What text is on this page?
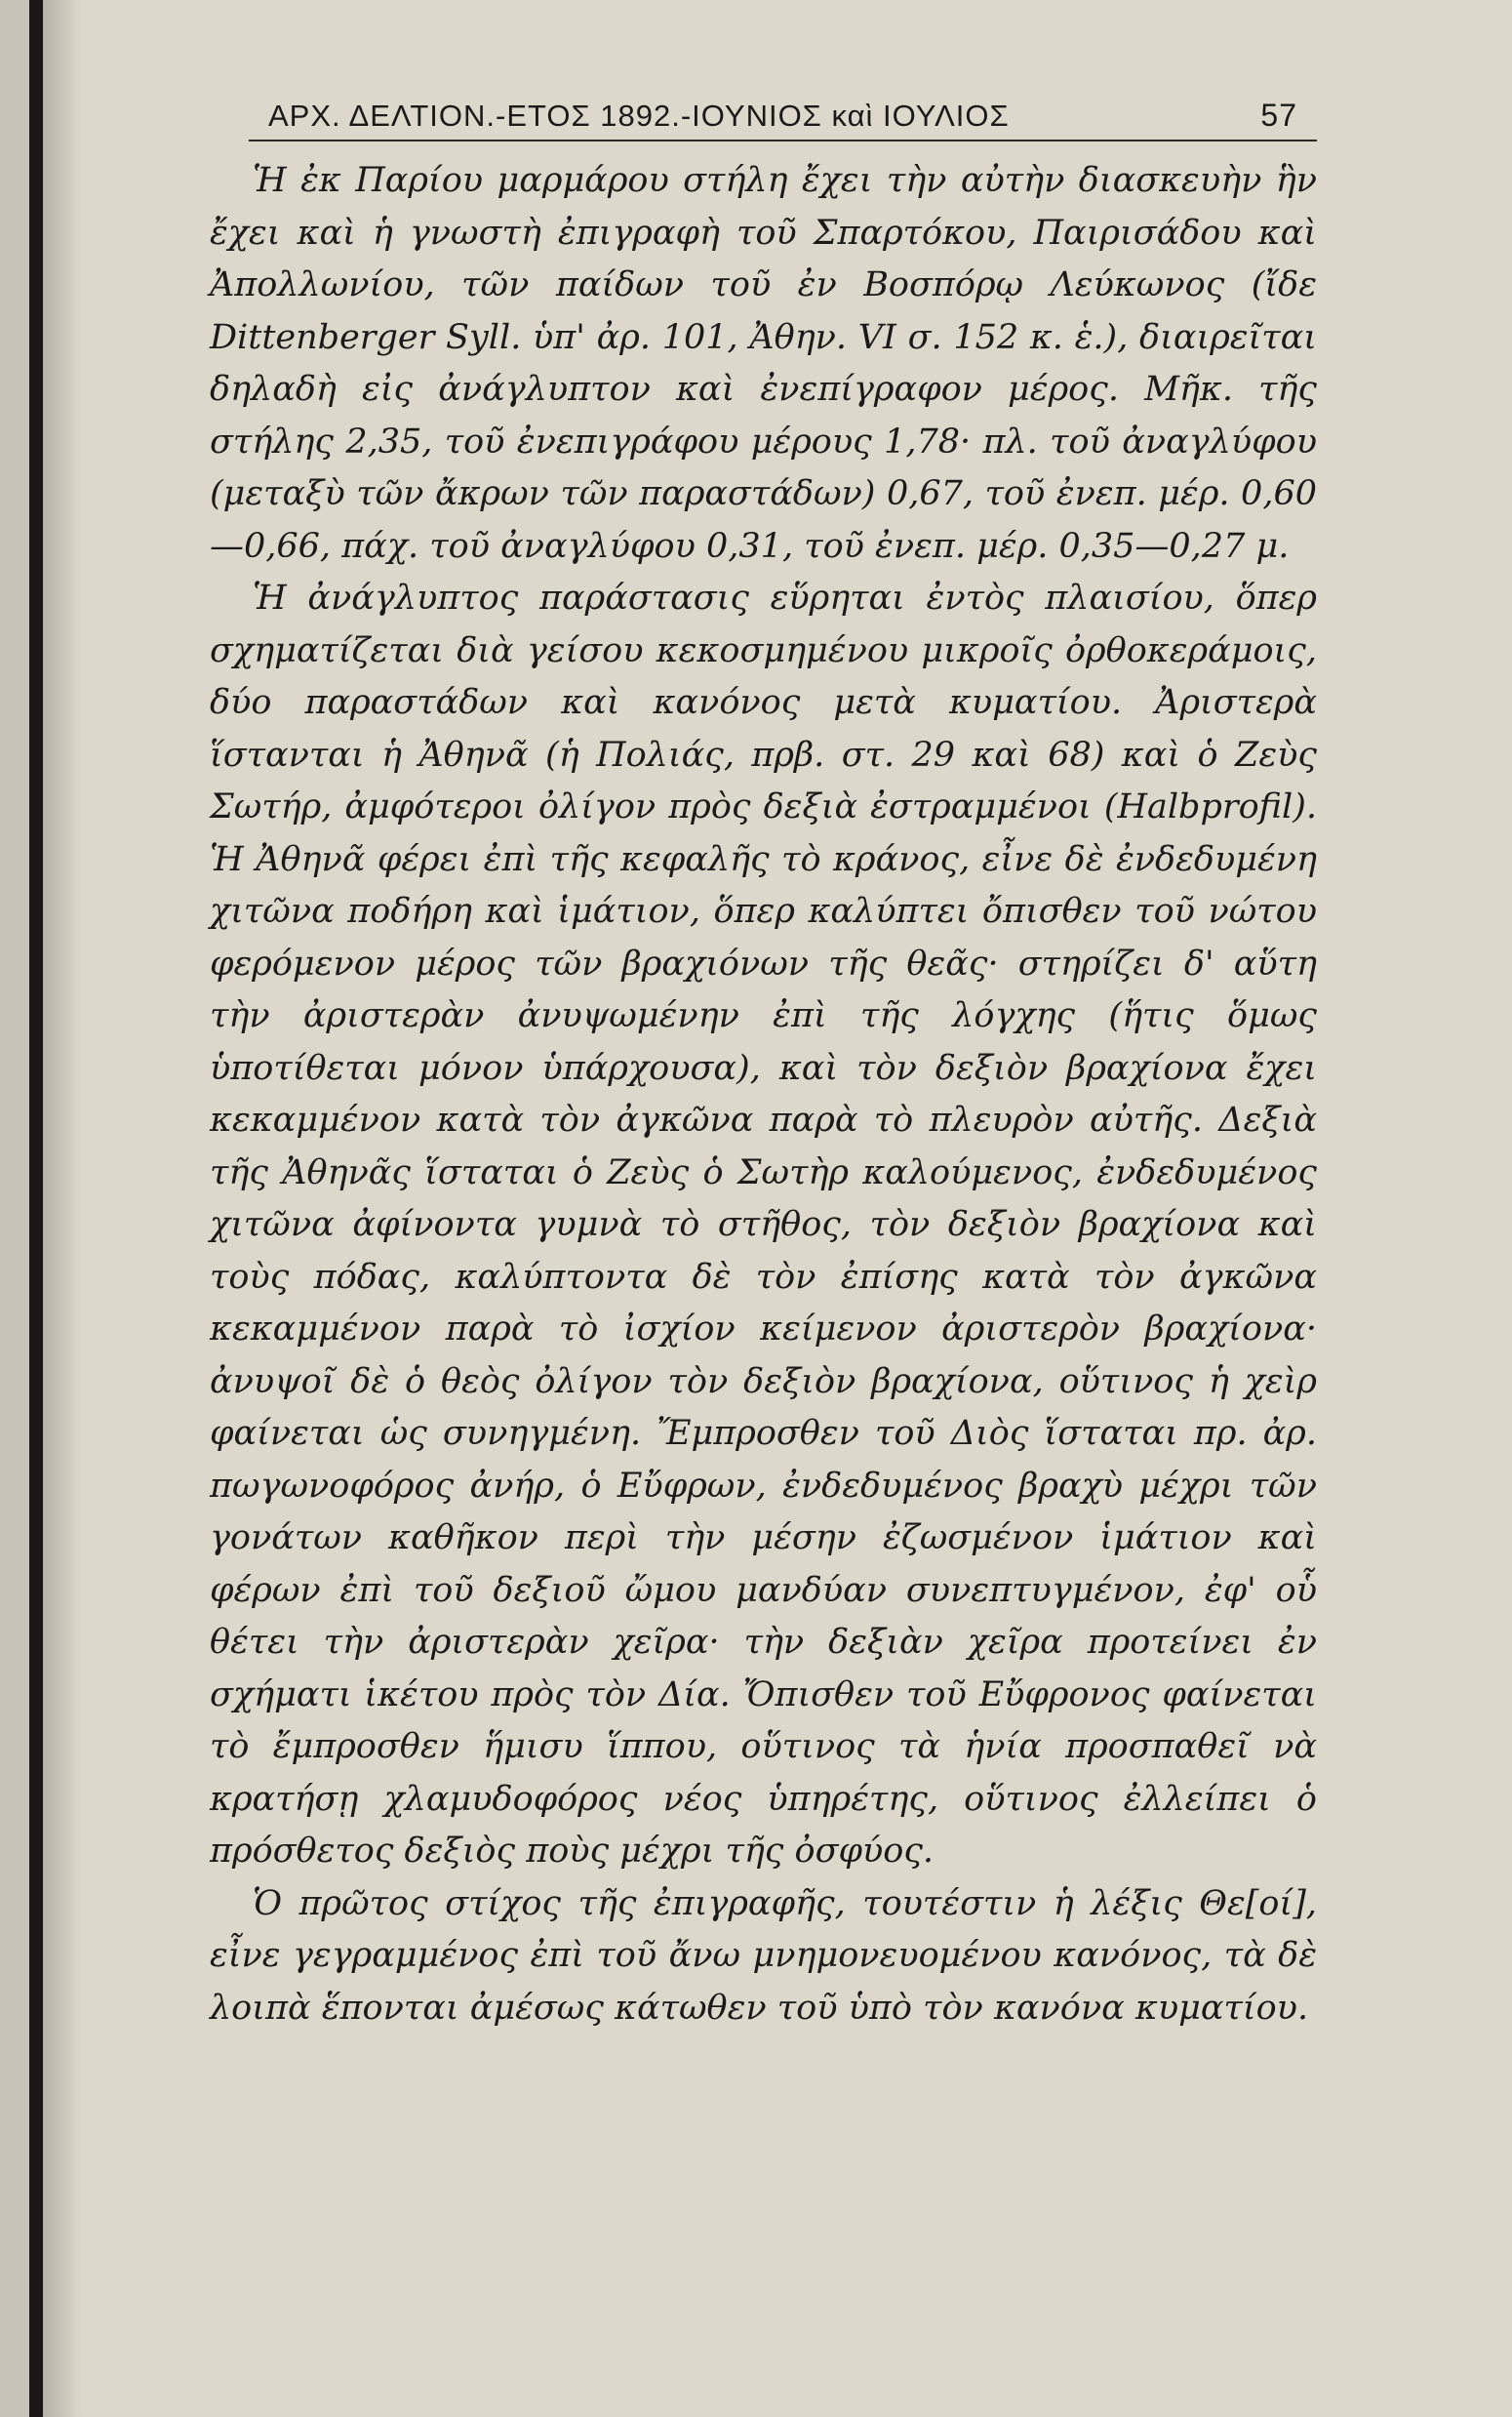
ΑΡΧ. ΔΕΛΤΙΟΝ.-ΕΤΟΣ 1892.-ΙΟΥΝΙΟΣ καὶ ΙΟΥΛΙΟΣ	57

Ἡ ἐκ Παρίου μαρμάρου στήλη ἔχει τὴν αὐτὴν διασκευὴν ἣν ἔχει καὶ ἡ γνωστὴ ἐπιγραφὴ τοῦ Σπαρτόκου, Παιρισάδου καὶ Ἀπολλωνίου, τῶν παίδων τοῦ ἐν Βοσπόρῳ Λεύκωνος (ἴδε Dittenberger Syll. ὑπ' ἀρ. 101, Ἀθην. VI σ. 152 κ. ἑ.), διαιρεῖται δηλαδὴ εἰς ἀνάγλυπτον καὶ ἐνεπίγραφον μέρος. Μῆκ. τῆς στήλης 2,35, τοῦ ἐνεπιγράφου μέρους 1,78· πλ. τοῦ ἀναγλύφου (μεταξὺ τῶν ἄκρων τῶν παραστάδων) 0,67, τοῦ ἐνεπ. μέρ. 0,60—0,66, πάχ. τοῦ ἀναγλύφου 0,31, τοῦ ἐνεπ. μέρ. 0,35—0,27 μ.

Ἡ ἀνάγλυπτος παράστασις εὕρηται ἐντὸς πλαισίου, ὅπερ σχηματίζεται διὰ γείσου κεκοσμημένου μικροῖς ὀρθοκεράμοις, δύο παραστάδων καὶ κανόνος μετὰ κυματίου. Ἀριστερὰ ἵστανται ἡ Ἀθηνᾶ (ἡ Πολιάς, πρβ. στ. 29 καὶ 68) καὶ ὁ Ζεὺς Σωτήρ, ἀμφότεροι ὀλίγον πρὸς δεξιὰ ἐστραμμένοι (Halbprofil). Ἡ Ἀθηνᾶ φέρει ἐπὶ τῆς κεφαλῆς τὸ κράνος, εἶνε δὲ ἐνδεδυμένη χιτῶνα ποδήρη καὶ ἱμάτιον, ὅπερ καλύπτει ὄπισθεν τοῦ νώτου φερόμενον μέρος τῶν βραχιόνων τῆς θεᾶς· στηρίζει δ' αὕτη τὴν ἀριστερὰν ἀνυψωμένην ἐπὶ τῆς λόγχης (ἥτις ὅμως ὑποτίθεται μόνον ὑπάρχουσα), καὶ τὸν δεξιὸν βραχίονα ἔχει κεκαμμένον κατὰ τὸν ἀγκῶνα παρὰ τὸ πλευρὸν αὐτῆς. Δεξιὰ τῆς Ἀθηνᾶς ἵσταται ὁ Ζεὺς ὁ Σωτὴρ καλούμενος, ἐνδεδυμένος χιτῶνα ἀφίνοντα γυμνὰ τὸ στῆθος, τὸν δεξιὸν βραχίονα καὶ τοὺς πόδας, καλύπτοντα δὲ τὸν ἐπίσης κατὰ τὸν ἀγκῶνα κεκαμμένον παρὰ τὸ ἰσχίον κείμενον ἀριστερὸν βραχίονα· ἀνυψοῖ δὲ ὁ θεὸς ὀλίγον τὸν δεξιὸν βραχίονα, οὕτινος ἡ χεὶρ φαίνεται ὡς συνηγμένη. Ἔμπροσθεν τοῦ Διὸς ἵσταται πρ. ἀρ. πωγωνοφόρος ἀνήρ, ὁ Εὔφρων, ἐνδεδυμένος βραχὺ μέχρι τῶν γονάτων καθῆκον περὶ τὴν μέσην ἐζωσμένον ἱμάτιον καὶ φέρων ἐπὶ τοῦ δεξιοῦ ὤμου μανδύαν συνεπτυγμένον, ἐφ' οὗ θέτει τὴν ἀριστερὰν χεῖρα· τὴν δεξιὰν χεῖρα προτείνει ἐν σχήματι ἱκέτου πρὸς τὸν Δία. Ὄπισθεν τοῦ Εὔφρονος φαίνεται τὸ ἔμπροσθεν ἥμισυ ἵππου, οὕτινος τὰ ἡνία προσπαθεῖ νὰ κρατήσῃ χλαμυδοφόρος νέος ὑπηρέτης, οὕτινος ἐλλείπει ὁ πρόσθετος δεξιὸς ποὺς μέχρι τῆς ὀσφύος.

Ὁ πρῶτος στίχος τῆς ἐπιγραφῆς, τουτέστιν ἡ λέξις Θε[οί], εἶνε γεγραμμένος ἐπὶ τοῦ ἄνω μνημονευομένου κανόνος, τὰ δὲ λοιπὰ ἕπονται ἀμέσως κάτωθεν τοῦ ὑπὸ τὸν κανόνα κυματίου.
